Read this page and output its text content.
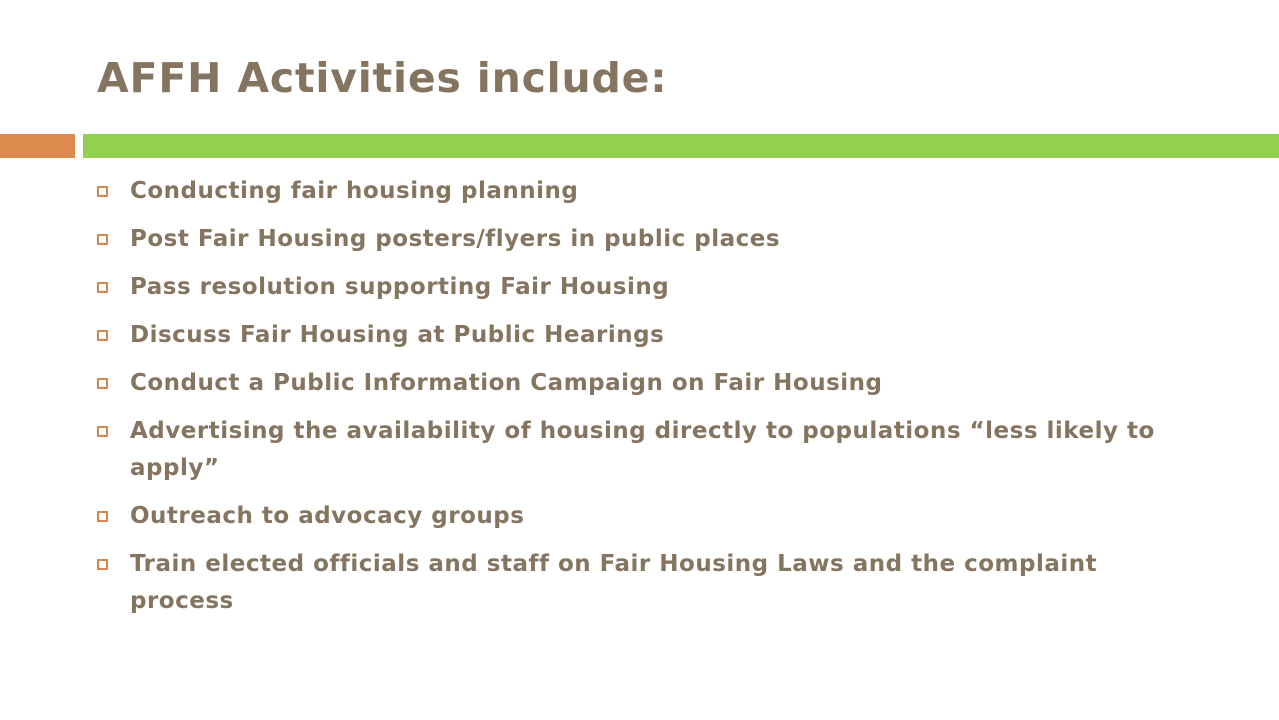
AFFH Activities include:
Conducting fair housing planning
Post Fair Housing posters/flyers in public places
Pass resolution supporting Fair Housing
Discuss Fair Housing at Public Hearings
Conduct a Public Information Campaign on Fair Housing
Advertising the availability of housing directly to populations “less likely to apply”
Outreach to advocacy groups
Train elected officials and staff on Fair Housing Laws and the complaint process
